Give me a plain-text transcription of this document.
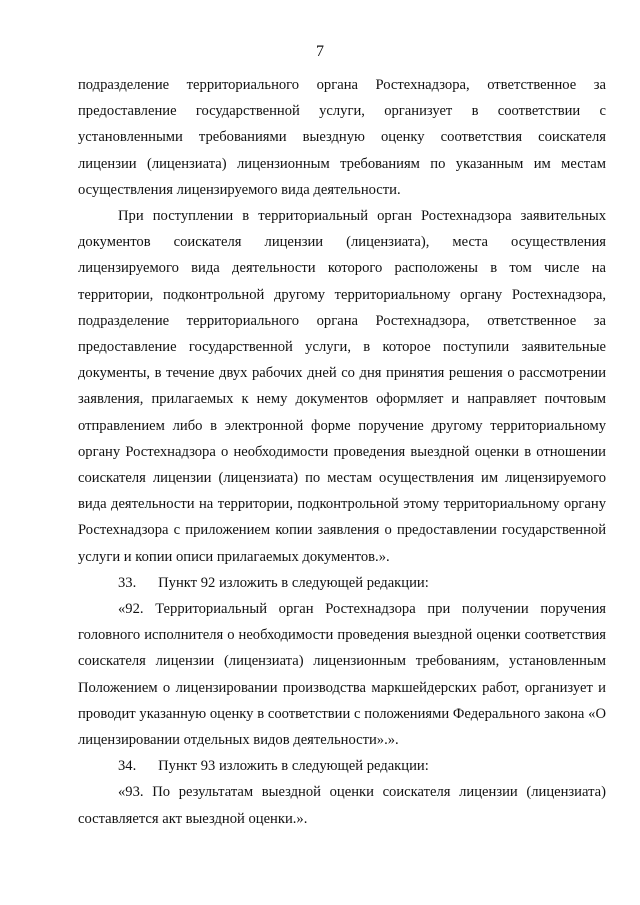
7

подразделение территориального органа Ростехнадзора, ответственное за предоставление государственной услуги, организует в соответствии с установленными требованиями выездную оценку соответствия соискателя лицензии (лицензиата) лицензионным требованиям по указанным им местам осуществления лицензируемого вида деятельности.

При поступлении в территориальный орган Ростехнадзора заявительных документов соискателя лицензии (лицензиата), места осуществления лицензируемого вида деятельности которого расположены в том числе на территории, подконтрольной другому территориальному органу Ростехнадзора, подразделение территориального органа Ростехнадзора, ответственное за предоставление государственной услуги, в которое поступили заявительные документы, в течение двух рабочих дней со дня принятия решения о рассмотрении заявления, прилагаемых к нему документов оформляет и направляет почтовым отправлением либо в электронной форме поручение другому территориальному органу Ростехнадзора о необходимости проведения выездной оценки в отношении соискателя лицензии (лицензиата) по местам осуществления им лицензируемого вида деятельности на территории, подконтрольной этому территориальному органу Ростехнадзора с приложением копии заявления о предоставлении государственной услуги и копии описи прилагаемых документов.».

33.      Пункт 92 изложить в следующей редакции:

«92. Территориальный орган Ростехнадзора при получении поручения головного исполнителя о необходимости проведения выездной оценки соответствия соискателя лицензии (лицензиата) лицензионным требованиям, установленным Положением о лицензировании производства маркшейдерских работ, организует и проводит указанную оценку в соответствии с положениями Федерального закона «О лицензировании отдельных видов деятельности».».

34.      Пункт 93 изложить в следующей редакции:

«93. По результатам выездной оценки соискателя лицензии (лицензиата) составляется акт выездной оценки.».
